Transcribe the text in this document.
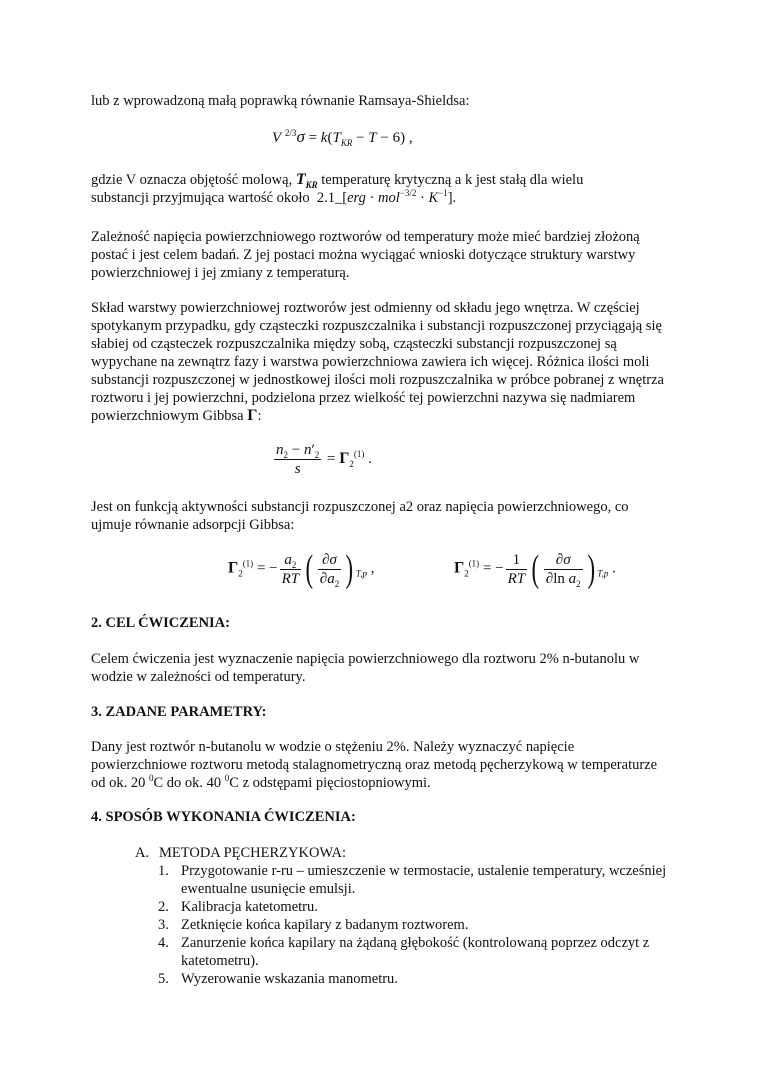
lub z wprowadzoną małą poprawką równanie Ramsaya-Shieldsa:

V $^{2/3}\sigma = k(T_{KR} - T - 6)$ ,

gdzie V oznacza objętość molową, $T_{KR}$ temperaturę krytyczną a k jest stałą dla wielu
substancji przyjmująca wartość około  2.1_[erg · $mol^{-3/2} \cdot K^{-1}$].

Zależność napięcia powierzchniowego roztworów od temperatury może mieć bardziej złożoną postać i jest celem badań. Z jej postaci można wyciągać wnioski dotyczące struktury warstwy powierzchniowej i jej zmiany z temperaturą.

Skład warstwy powierzchniowej roztworów jest odmienny od składu jego wnętrza. W częściej spotykanym przypadku, gdy cząsteczki rozpuszczalnika i substancji rozpuszczonej przyciągają się słabiej od cząsteczek rozpuszczalnika między sobą, cząsteczki substancji rozpuszczonej są wypychane na zewnątrz fazy i warstwa powierzchniowa zawiera ich więcej. Różnica ilości moli substancji rozpuszczonej w jednostkowej ilości moli rozpuszczalnika w próbce pobranej z wnętrza roztworu i jej powierzchni, podzielona przez wielkość tej powierzchni nazywa się nadmiarem powierzchniowym Gibbsa Γ:

$\frac{n_2 - n'_2}{s} = \Gamma_2^{(1)}$ .

Jest on funkcją aktywności substancji rozpuszczonej a2 oraz napięcia powierzchniowego, co ujmuje równanie adsorpcji Gibbsa:

$\Gamma_2^{(1)}$ = − $\frac{a_2}{RT}$ ( $\frac{\partial\sigma}{\partial a_2}$ ) $_{T,p}$ ,	$\Gamma_2^{(1)}$ = − $\frac{1}{RT}$ ( $\frac{\partial\sigma}{\partial\ln a_2}$ ) $_{T,p}$ .

2. CEL ĆWICZENIA:

Celem ćwiczenia jest wyznaczenie napięcia powierzchniowego dla roztworu 2% n-butanolu w wodzie w zależności od temperatury.

3. ZADANE PARAMETRY:

Dany jest roztwór n-butanolu w wodzie o stężeniu 2%. Należy wyznaczyć napięcie powierzchniowe roztworu metodą stalagnometryczną oraz metodą pęcherzykową w temperaturze od ok. 20 $^0$C do ok. 40 $^0$C z odstępami pięciostopniowymi.

4. SPOSÓB WYKONANIA ĆWICZENIA:

A. METODA PĘCHERZYKOWA:
1. Przygotowanie r-ru – umieszczenie w termostacie, ustalenie temperatury, wcześniej ewentualne usunięcie emulsji.
2. Kalibracja katetometru.
3. Zetknięcie końca kapilary z badanym roztworem.
4. Zanurzenie końca kapilary na żądaną głębokość (kontrolowaną poprzez odczyt z katetometru).
5. Wyzerowanie wskazania manometru.
